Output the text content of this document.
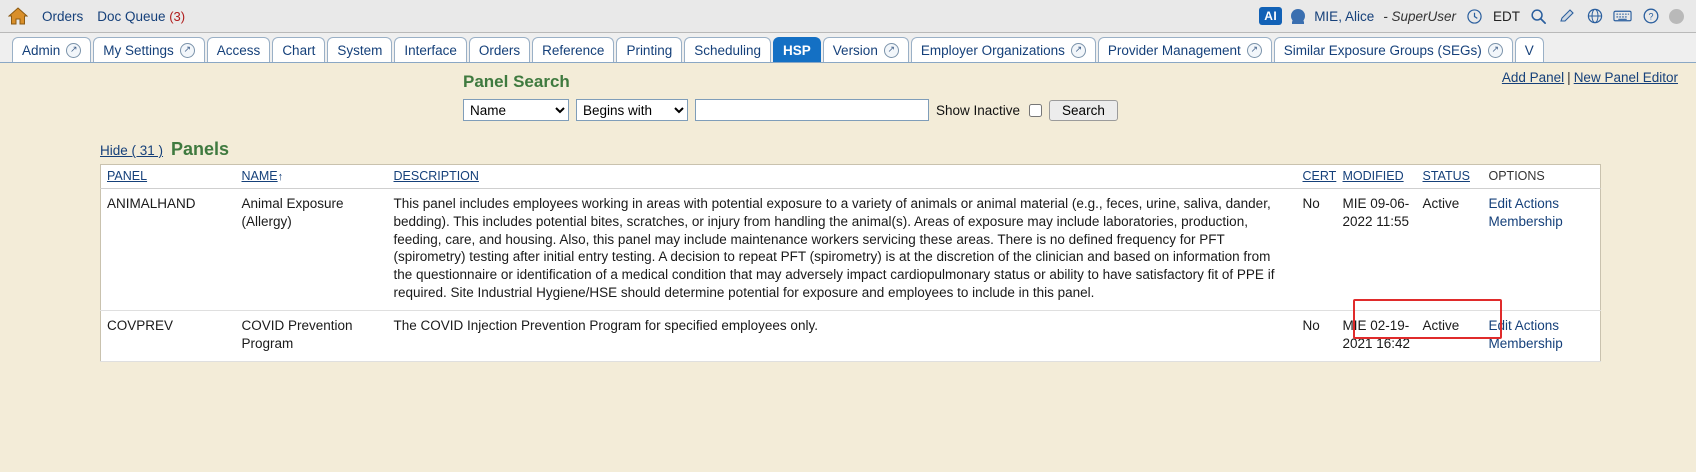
Orders Doc Queue (3)	AI	MIE, Alice - SuperUser	EDT	?
Admin	↗ My Settings	↗ Access Chart System Interface Orders Reference Printing Scheduling HSP Version	↗ Employer Organizations	↗ Provider Management	↗ Similar Exposure Groups (SEGs)	↗ V
Add Panel | New Panel Editor
Panel Search
Name
Begins with
Show Inactive	Search
Hide ( 31 ) Panels
PANEL	NAME↑	DESCRIPTION	CERT	MODIFIED	STATUS	OPTIONS
ANIMALHAND	Animal Exposure (Allergy)	This panel includes employees working in areas with potential exposure to a variety of animals or animal material (e.g., feces, urine, saliva, dander, bedding). This includes potential bites, scratches, or injury from handling the animal(s). Areas of exposure may include laboratories, production, feeding, care, and housing. Also, this panel may include maintenance workers servicing these areas. There is no defined frequency for PFT (spirometry) testing after initial entry testing. A decision to repeat PFT (spirometry) is at the discretion of the clinician and based on information from the questionnaire or identification of a medical condition that may adversely impact cardiopulmonary status or ability to have satisfactory fit of PPE if required. Site Industrial Hygiene/HSE should determine potential for exposure and employees to include in this panel.	No	MIE 09-06-2022 11:55	Active	Edit Actions
Membership

COVPREV	COVID Prevention Program	The COVID Injection Prevention Program for specified employees only.	No	MIE 02-19-2021 16:42	Active	Edit Actions
Membership
